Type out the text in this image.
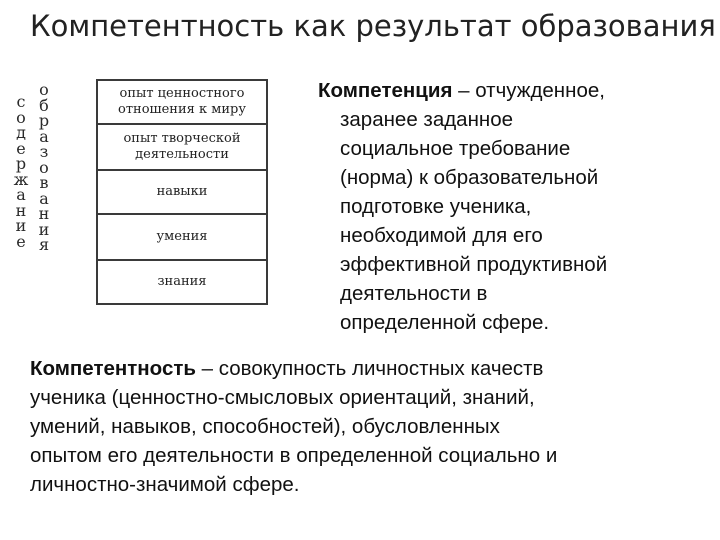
Компетентность как результат образования
с
о
д
е
р
ж
а
н
и
е
о
б
р
а
з
о
в
а
н
и
я
опыт ценностного
отношения к миру
опыт творческой
деятельности
навыки
умения
знания
Компетенция – отчужденное,
заранее заданное
социальное требование
(норма) к образовательной
подготовке ученика,
необходимой для его
эффективной продуктивной
деятельности в
определенной сфере.
Компетентность – совокупность личностных качеств
ученика (ценностно-смысловых ориентаций, знаний,
умений, навыков, способностей), обусловленных
опытом его деятельности в определенной социально и
личностно-значимой сфере.
